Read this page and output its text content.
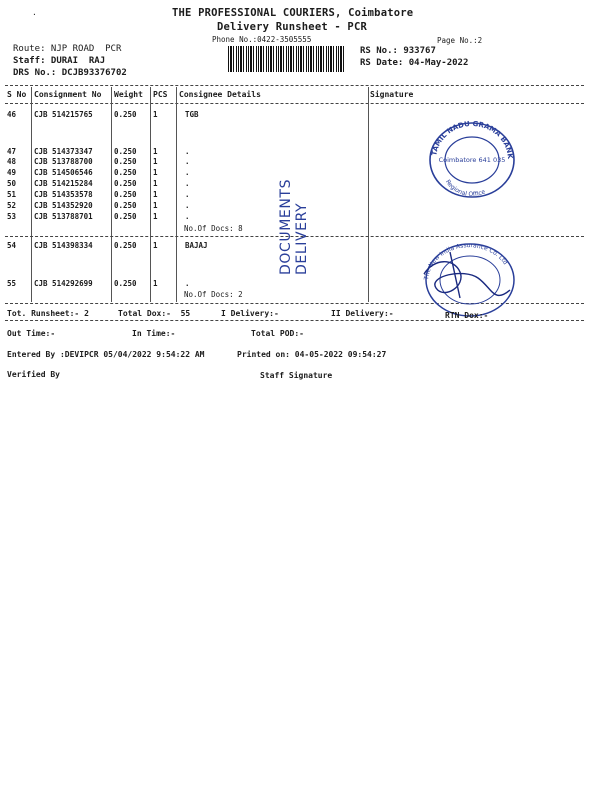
·	THE PROFESSIONAL COURIERS, Coimbatore
Delivery Runsheet - PCR
Phone No.:0422-3505555	Page No.:2
Route: NJP ROAD  PCR
Staff: DURAI  RAJ
DRS No.: DCJB93376702
RS No.: 933767
RS Date: 04-May-2022
S No Consignment No Weight PCS Consignee Details	Signature
46 CJB 514215765	0.250 1	TGB
47 CJB 514373347	0.250 1	.
48 CJB 513788700	0.250 1	.
49 CJB 514506546	0.250 1	.
50 CJB 514215284	0.250 1	.
51 CJB 514353578	0.250 1	.
52 CJB 514352920	0.250 1	.
53 CJB 513788701	0.250 1	.
No.Of Docs: 8
54 CJB 514398334	0.250 1	BAJAJ
55 CJB 514292699	0.250 1	.
No.Of Docs: 2
DOCUMENTS DELIVERY
TAMIL NADU GRAMA BANK
Regional Office
Coimbatore 641 035
The New India Assurance Co. Ltd
Tot. Runsheet:- 2	Total Dox:-  55	I Delivery:-	II Delivery:-	RTN Dox:-
Out Time:-	In Time:-	Total POD:-
Entered By :DEVIPCR 05/04/2022 9:54:22 AM	Printed on: 04-05-2022 09:54:27
Verified By	Staff Signature
